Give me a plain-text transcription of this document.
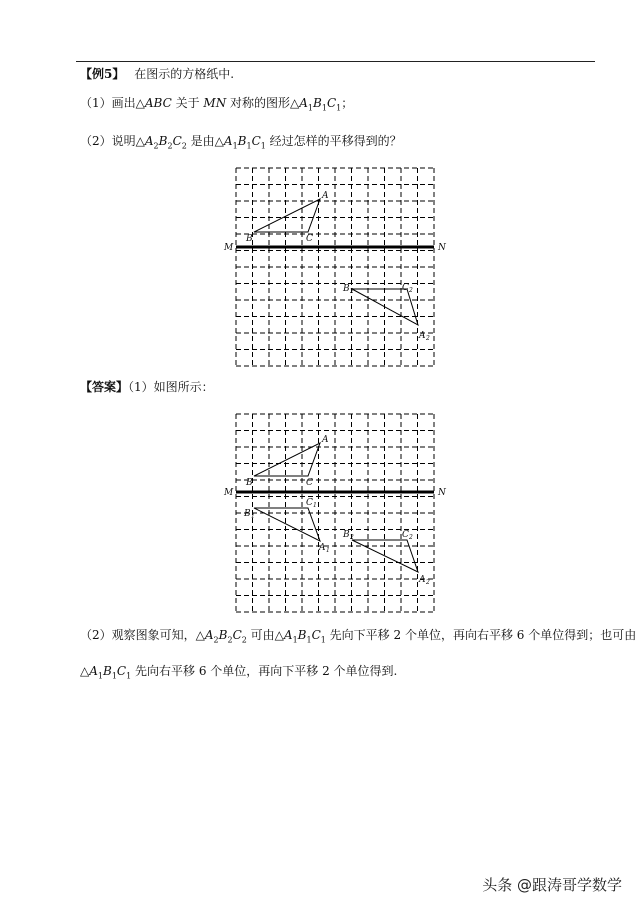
【例5】 在图示的方格纸中.
（1）画出△ABC 关于 MN 对称的图形$\triangle A_1B_1C_1$；
（2）说明$\triangle A_2B_2C_2$ 是由$\triangle A_1B_1C_1$ 经过怎样的平移得到的？
M	N
A
B	C
B 2	C 2
A 2
【答案】（1）如图所示：
M	N
A
B	C
C 1
B 1
A 1
B 2	C 2
A 2
（2）观察图象可知，$\triangle A_2B_2C_2$ 可由$\triangle A_1B_1C_1$ 先向下平移 2 个单位，再向右平移 6 个单位得到；也可由
$\triangle A_1B_1C_1$ 先向右平移 6 个单位，再向下平移 2 个单位得到.
头条 @跟涛哥学数学
